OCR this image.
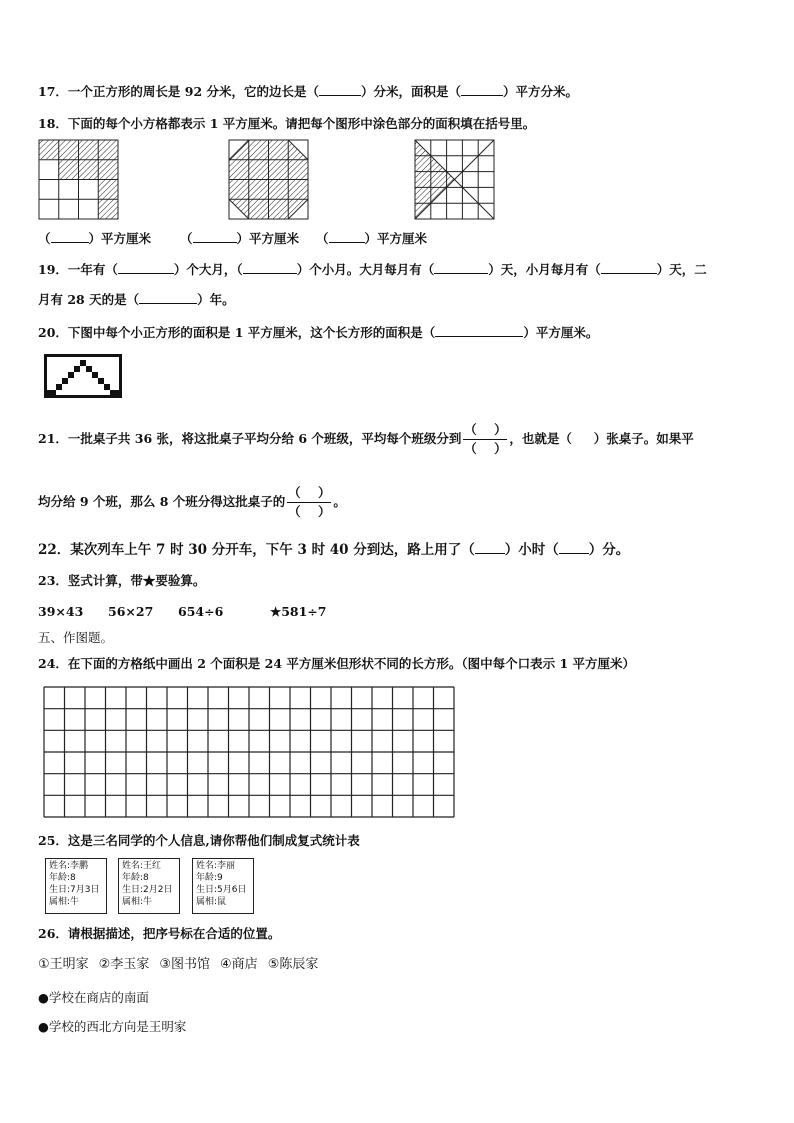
17．一个正方形的周长是 92 分米，它的边长是（	）分米，面积是（	）平方分米。
18．下面的每个小方格都表示 1 平方厘米。请把每个图形中涂色部分的面积填在括号里。
（	）平方厘米 （	）平方厘米 （	）平方厘米
19．一年有（	）个大月，（	）个小月。大月每月有（	）天，小月每月有（	）天，二
月有 28 天的是（	）年。
20．下图中每个小正方形的面积是 1 平方厘米，这个长方形的面积是（	）平方厘米。
21．一批桌子共 36 张，将这批桌子平均分给 6 个班级，平均每个班级分到 $\frac{( )}{( )}$ ，也就是（ ）张桌子。如果平
均分给 9 个班，那么 8 个班分得这批桌子的 $\frac{( )}{( )}$ 。
22．某次列车上午 7 时 30 分开车，下午 3 时 40 分到达，路上用了（ ）小时（ ）分。
23．竖式计算，带★要验算。
39×43 56×27 654÷6	★581÷7
五、作图题。
24．在下面的方格纸中画出 2 个面积是 24 平方厘米但形状不同的长方形。（图中每个口表示 1 平方厘米）
25．这是三名同学的个人信息,请你帮他们制成复式统计表
姓名:李鹏
年龄:8
生日:7月3日
属相:牛
姓名:王红
年龄:8
生日:2月2日
属相:牛
姓名:李丽
年龄:9
生日:5月6日
属相:鼠
26．请根据描述，把序号标在合适的位置。
①王明家 ②李玉家 ③图书馆 ④商店 ⑤陈辰家
●学校在商店的南面
●学校的西北方向是王明家
